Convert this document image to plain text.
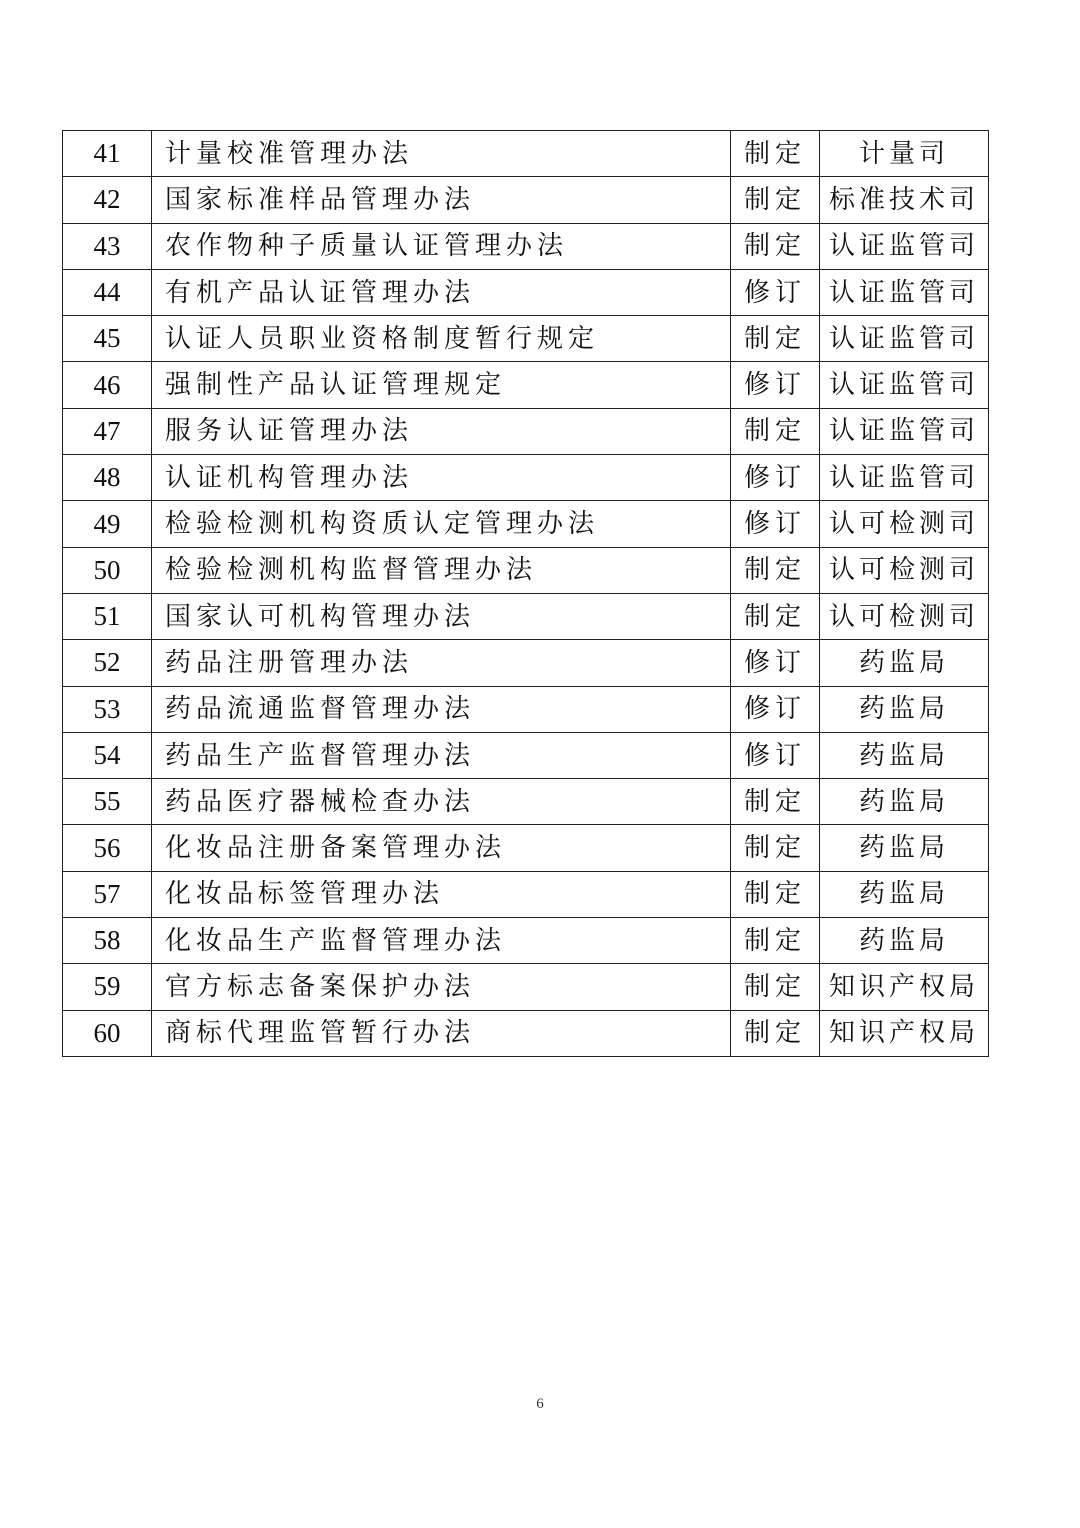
41	计量校准管理办法	制定	计量司
42	国家标准样品管理办法	制定	标准技术司
43	农作物种子质量认证管理办法	制定	认证监管司
44	有机产品认证管理办法	修订	认证监管司
45	认证人员职业资格制度暂行规定	制定	认证监管司
46	强制性产品认证管理规定	修订	认证监管司
47	服务认证管理办法	制定	认证监管司
48	认证机构管理办法	修订	认证监管司
49	检验检测机构资质认定管理办法	修订	认可检测司
50	检验检测机构监督管理办法	制定	认可检测司
51	国家认可机构管理办法	制定	认可检测司
52	药品注册管理办法	修订	药监局
53	药品流通监督管理办法	修订	药监局
54	药品生产监督管理办法	修订	药监局
55	药品医疗器械检查办法	制定	药监局
56	化妆品注册备案管理办法	制定	药监局
57	化妆品标签管理办法	制定	药监局
58	化妆品生产监督管理办法	制定	药监局
59	官方标志备案保护办法	制定	知识产权局
60	商标代理监管暂行办法	制定	知识产权局
6
